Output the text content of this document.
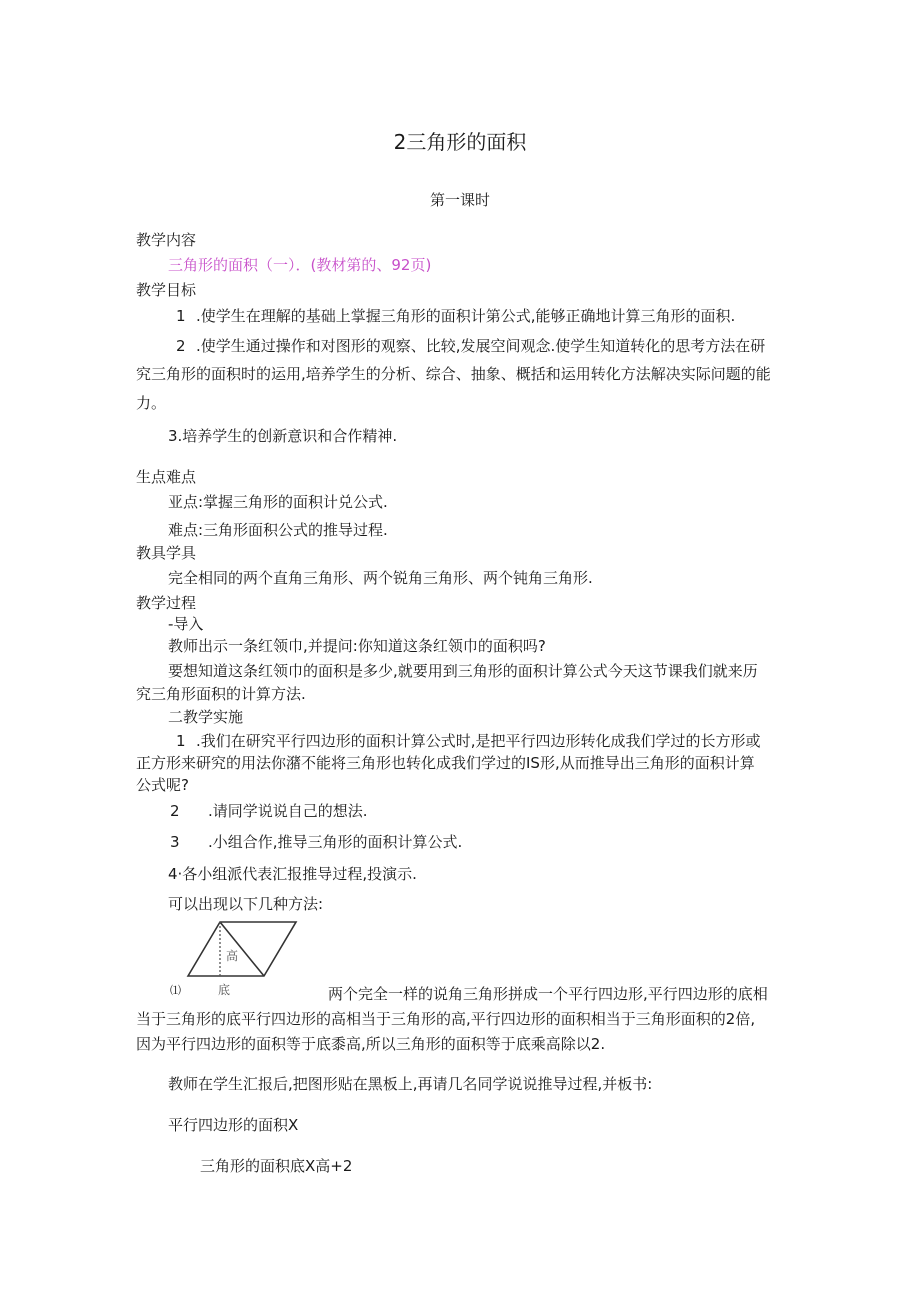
2三角形的面积
第一课时
教学内容
三角形的面积（一）．(教材第的、92页)
教学目标
1 .使学生在理解的基础上掌握三角形的面积计第公式,能够正确地计算三角形的面积.
2 .使学生通过操作和对图形的观察、比较,发展空间观念.使学生知道转化的思考方法在研
究三角形的面积时的运用,培养学生的分析、综合、抽象、概括和运用转化方法解决实际问题的能
力。
3.培养学生的创新意识和合作精神.
生点难点
亚点:掌握三角形的面积计兑公式.
难点:三角形面积公式的推导过程.
教具学具
完全相同的两个直角三角形、两个锐角三角形、两个钝角三角形.
教学过程
-导入
教师出示一条红领巾,并提问:你知道这条红领巾的面积吗?
要想知道这条红领巾的面积是多少,就要用到三角形的面积计算公式今天这节课我们就来历
究三角形面积的计算方法.
二教学实施
1 .我们在研究平行四边形的面积计算公式时,是把平行四边形转化成我们学过的长方形或
正方形来研究的用法你潴不能将三角形也转化成我们学过的IS形,从而推导出三角形的面积计算
公式呢?
2 .请同学说说自己的想法.
3 .小组合作,推导三角形的面积计算公式.
4·各小组派代表汇报推导过程,投演示.
可以出现以下几种方法:
高
底
⑴	两个完全一样的说角三角形拼成一个平行四边形,平行四边形的底相
当于三角形的底平行四边形的高相当于三角形的高,平行四边形的面积相当于三角形面积的2倍,
因为平行四边形的面积等于底黍高,所以三角形的面积等于底乘高除以2.
教师在学生汇报后,把图形贴在黑板上,再请几名同学说说推导过程,并板书:
平行四边形的面积X
三角形的面积底X高+2
